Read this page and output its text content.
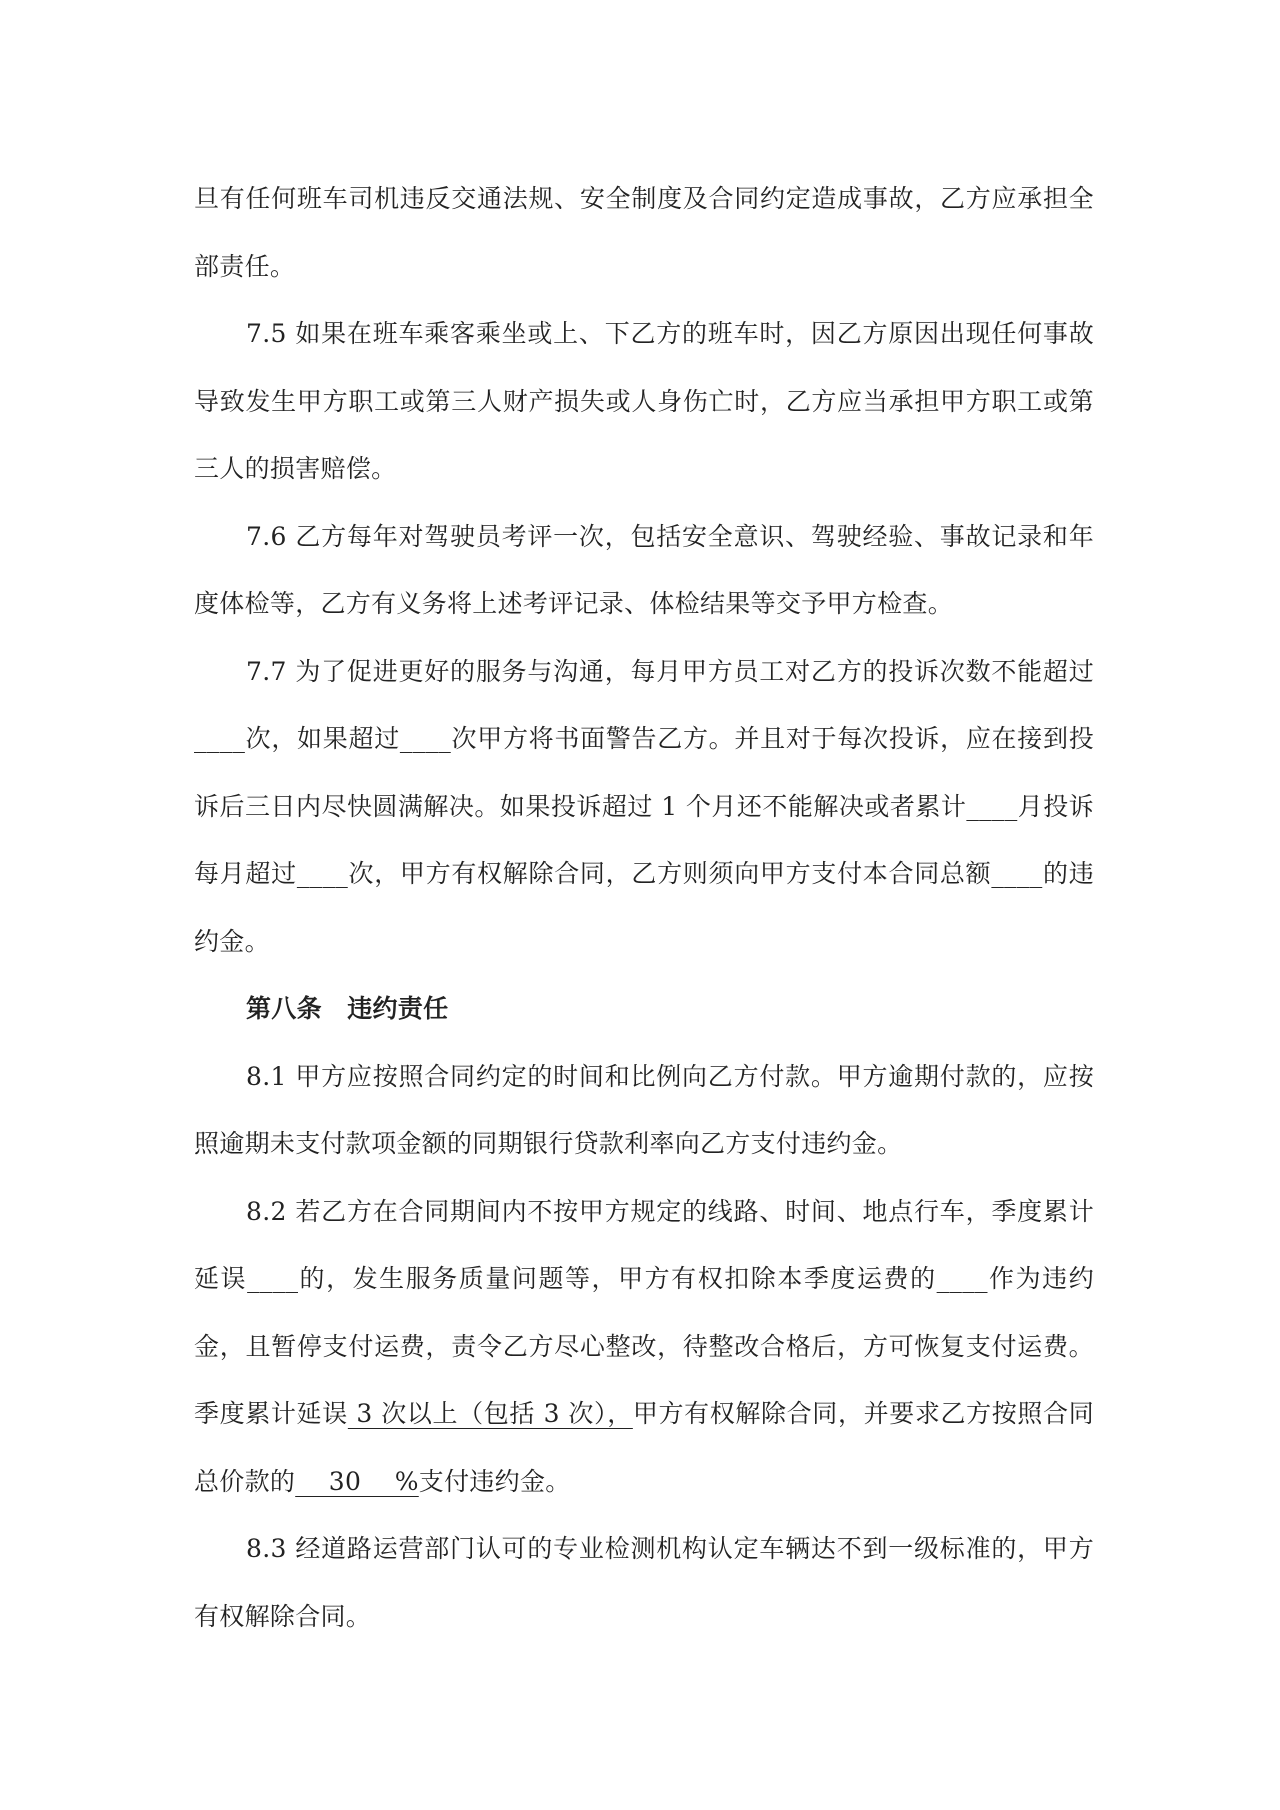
旦有任何班车司机违反交通法规、安全制度及合同约定造成事故，乙方应承担全部责任。

7.5 如果在班车乘客乘坐或上、下乙方的班车时，因乙方原因出现任何事故导致发生甲方职工或第三人财产损失或人身伤亡时，乙方应当承担甲方职工或第三人的损害赔偿。

7.6 乙方每年对驾驶员考评一次，包括安全意识、驾驶经验、事故记录和年度体检等，乙方有义务将上述考评记录、体检结果等交予甲方检查。

7.7 为了促进更好的服务与沟通，每月甲方员工对乙方的投诉次数不能超过____次，如果超过____次甲方将书面警告乙方。并且对于每次投诉，应在接到投诉后三日内尽快圆满解决。如果投诉超过 1 个月还不能解决或者累计____月投诉每月超过____次，甲方有权解除合同，乙方则须向甲方支付本合同总额____的违约金。

第八条　违约责任

8.1 甲方应按照合同约定的时间和比例向乙方付款。甲方逾期付款的，应按照逾期未支付款项金额的同期银行贷款利率向乙方支付违约金。

8.2 若乙方在合同期间内不按甲方规定的线路、时间、地点行车，季度累计延误____的，发生服务质量问题等，甲方有权扣除本季度运费的____作为违约金，且暂停支付运费，责令乙方尽心整改，待整改合格后，方可恢复支付运费。季度累计延误 3 次以上（包括 3 次），甲方有权解除合同，并要求乙方按照合同总价款的　 30　 %支付违约金。

8.3 经道路运营部门认可的专业检测机构认定车辆达不到一级标准的，甲方有权解除合同。
